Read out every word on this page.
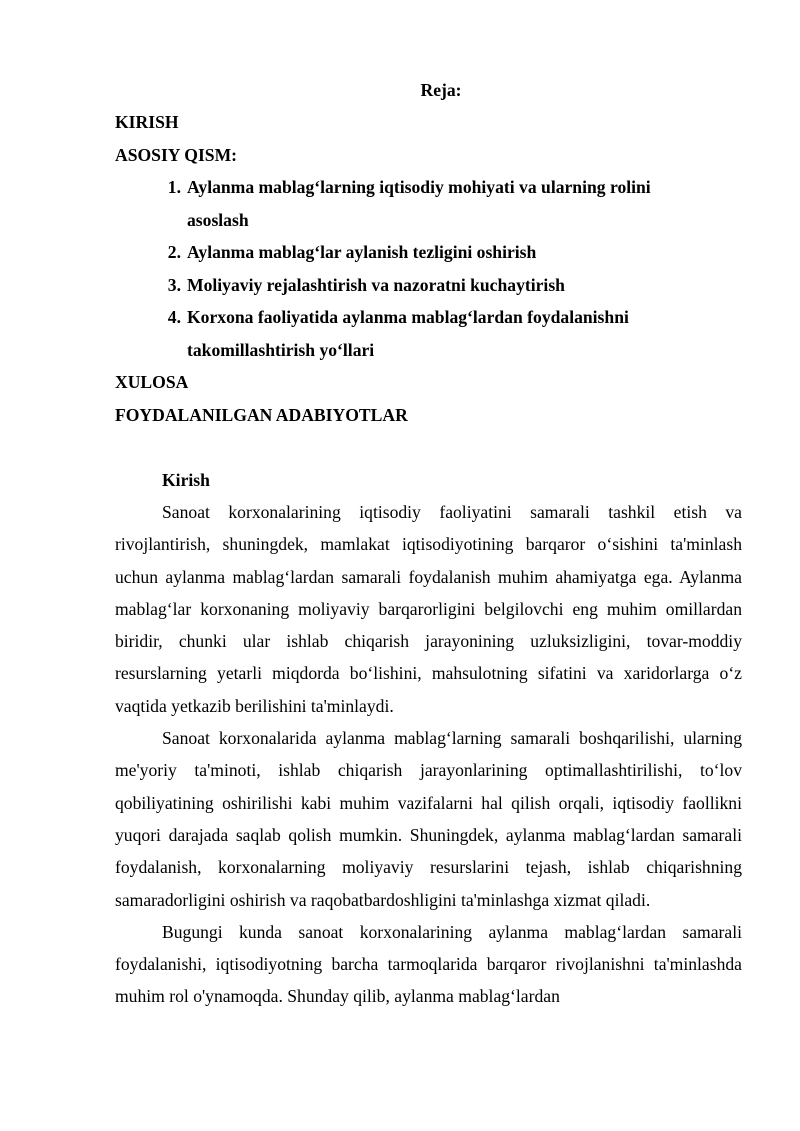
Reja:
KIRISH
ASOSIY QISM:
1. Aylanma mablag‘larning iqtisodiy mohiyati va ularning rolini asoslash
2. Aylanma mablag‘lar aylanish tezligini oshirish
3. Moliyaviy rejalashtirish va nazoratni kuchaytirish
4. Korxona faoliyatida aylanma mablag‘lardan foydalanishni takomillashtirish yo‘llari
XULOSA
FOYDALANILGAN ADABIYOTLAR
Kirish

Sanoat korxonalarining iqtisodiy faoliyatini samarali tashkil etish va rivojlantirish, shuningdek, mamlakat iqtisodiyotining barqaror o‘sishini ta'minlash uchun aylanma mablag‘lardan samarali foydalanish muhim ahamiyatga ega. Aylanma mablag‘lar korxonaning moliyaviy barqarorligini belgilovchi eng muhim omillardan biridir, chunki ular ishlab chiqarish jarayonining uzluksizligini, tovar-moddiy resurslarning yetarli miqdorda bo‘lishini, mahsulotning sifatini va xaridorlarga o‘z vaqtida yetkazib berilishini ta'minlaydi.

Sanoat korxonalarida aylanma mablag‘larning samarali boshqarilishi, ularning me'yoriy ta'minoti, ishlab chiqarish jarayonlarining optimallashtirilishi, to‘lov qobiliyatining oshirilishi kabi muhim vazifalarni hal qilish orqali, iqtisodiy faollikni yuqori darajada saqlab qolish mumkin. Shuningdek, aylanma mablag‘lardan samarali foydalanish, korxonalarning moliyaviy resurslarini tejash, ishlab chiqarishning samaradorligini oshirish va raqobatbardoshligini ta'minlashga xizmat qiladi.

Bugungi kunda sanoat korxonalarining aylanma mablag‘lardan samarali foydalanishi, iqtisodiyotning barcha tarmoqlarida barqaror rivojlanishni ta'minlashda muhim rol o'ynamoqda. Shunday qilib, aylanma mablag‘lardan
